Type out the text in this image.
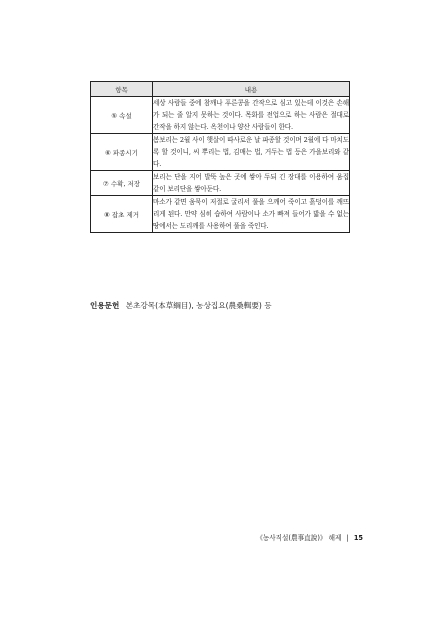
항목	내용
⑤ 속설	세상 사람들 중에 참깨나 푸른콩을 간작으로 심고 있는데 이것은 손해가 되는 줄 알지 못하는 것이다. 목화를 전업으로 하는 사람은 절대로 간작을 하지 않는다. 옥천이나 양산 사람들이 한다.
⑥ 파종시기	봄보리는 2월 사이 햇살이 따사로운 날 파종할 것이며 2월에 다 마치도록 할 것이니, 씨 뿌리는 법, 김매는 법, 거두는 법 등은 가을보리와 같다.
⑦ 수확, 저장	보리는 단을 지어 발뚝 높은 곳에 쌓아 두되 긴 장대를 이용하여 움집 같이 보리단을 쌓아둔다.
⑧ 잡초 제거	마소가 같면 움묵이 저절로 굴리서 풀을 으깨어 죽이고 흙덩이를 깨뜨리게 된다. 만약 심히 습하여 사람이나 소가 빠져 들어가 밟을 수 없는 땅에서는 도리깨를 사용하여 풀을 죽인다.
인용문헌 본초강목(本草綱目), 농상집요(農桑輯要) 등
《농사직설(農事直說)》 해제 | 15
